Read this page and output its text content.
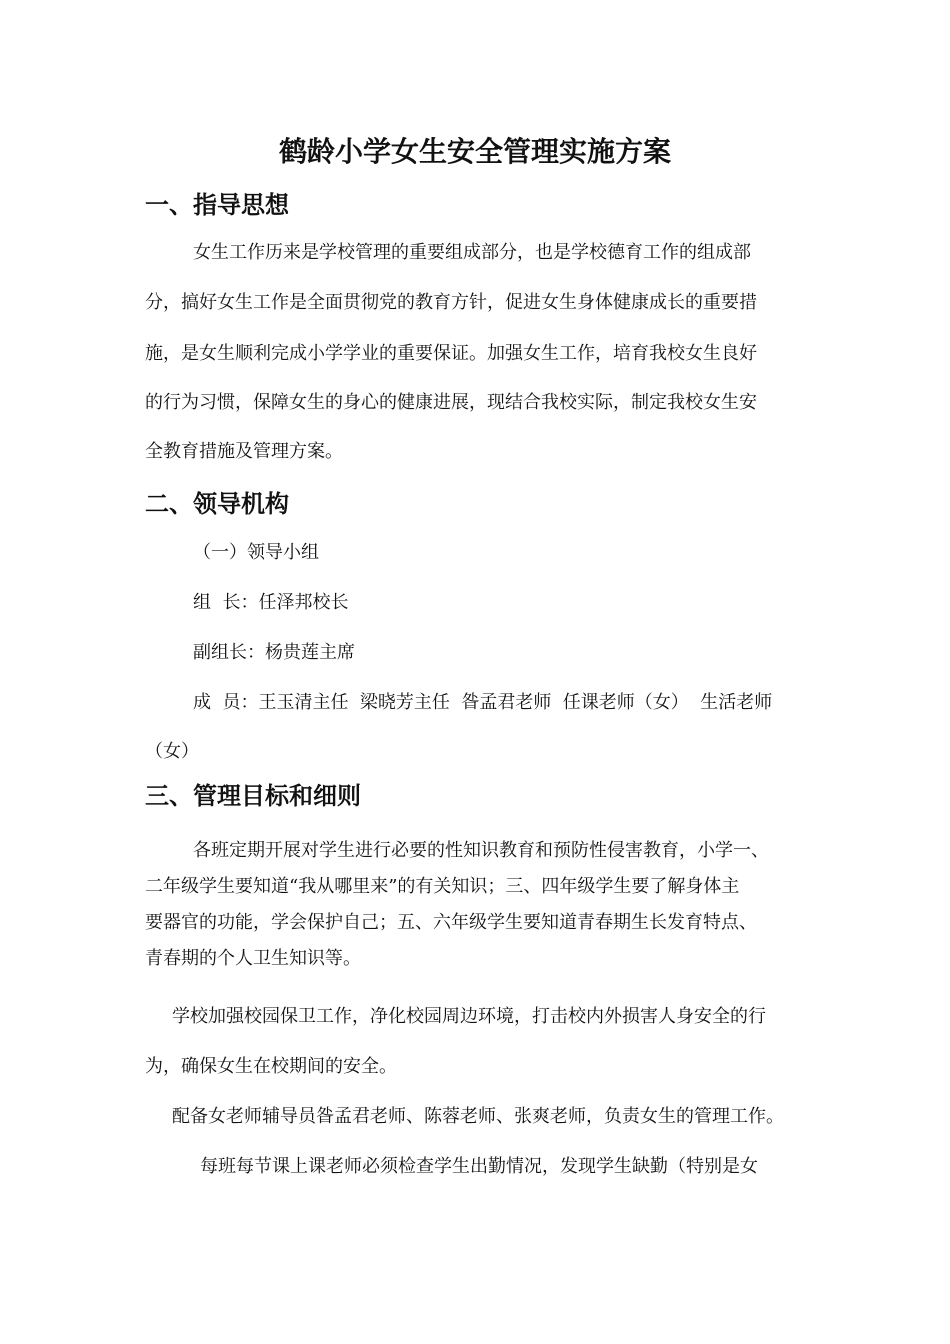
鹤龄小学女生安全管理实施方案
一、指导思想
女生工作历来是学校管理的重要组成部分，也是学校德育工作的组成部
分，搞好女生工作是全面贯彻党的教育方针，促进女生身体健康成长的重要措
施，是女生顺利完成小学学业的重要保证。加强女生工作，培育我校女生良好
的行为习惯，保障女生的身心的健康进展，现结合我校实际，制定我校女生安
全教育措施及管理方案。
二、领导机构
（一）领导小组
组  长：任泽邦校长
副组长：杨贵莲主席
成  员：王玉清主任  梁晓芳主任  昝孟君老师  任课老师（女）  生活老师
（女）
三、管理目标和细则
各班定期开展对学生进行必要的性知识教育和预防性侵害教育，小学一、
二年级学生要知道“我从哪里来”的有关知识；三、四年级学生要了解身体主
要器官的功能，学会保护自己；五、六年级学生要知道青春期生长发育特点、
青春期的个人卫生知识等。
学校加强校园保卫工作，净化校园周边环境，打击校内外损害人身安全的行
为，确保女生在校期间的安全。
配备女老师辅导员昝孟君老师、陈蓉老师、张爽老师，负责女生的管理工作。
每班每节课上课老师必须检查学生出勤情况，发现学生缺勤（特别是女
